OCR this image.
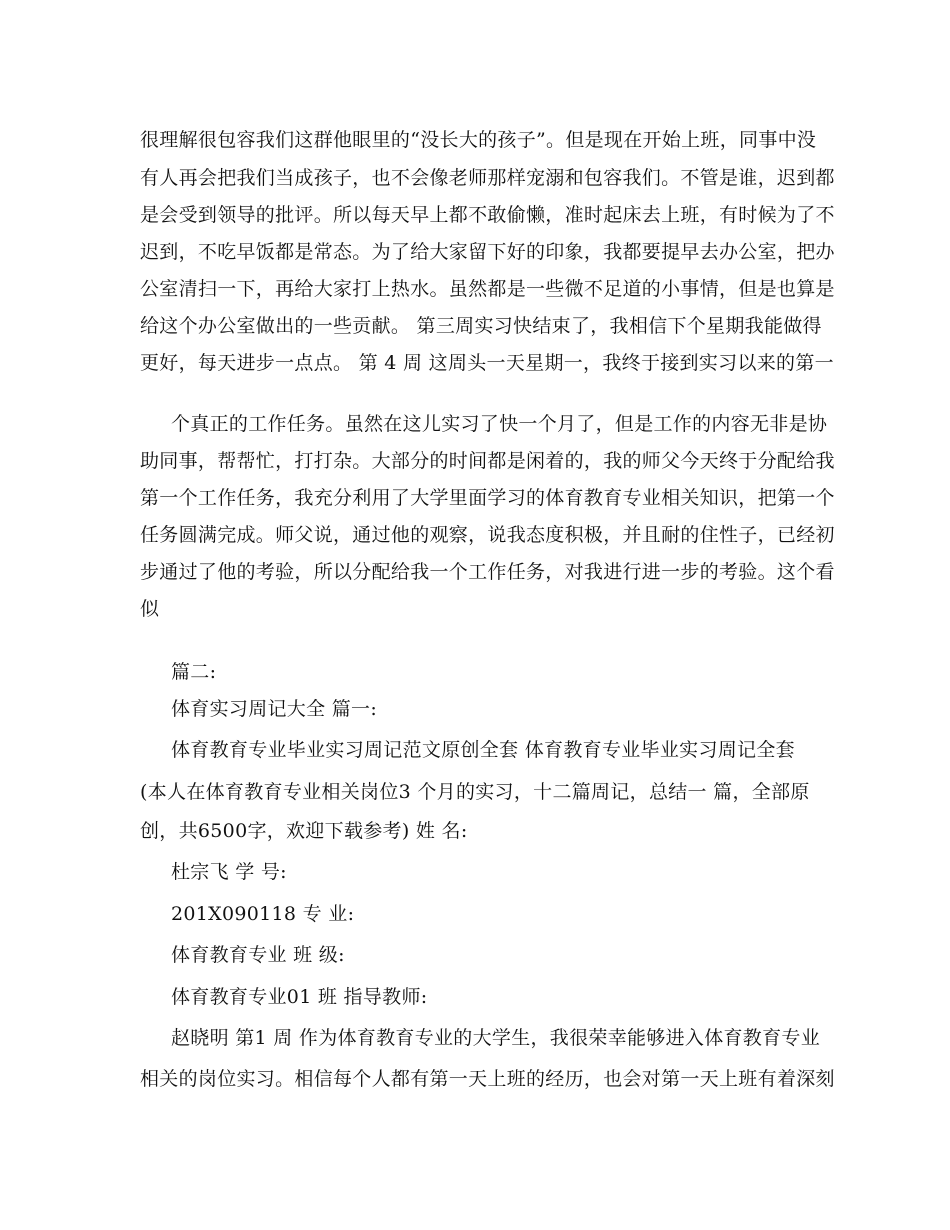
很理解很包容我们这群他眼里的“没长大的孩子”。但是现在开始上班，同事中没
有人再会把我们当成孩子，也不会像老师那样宠溺和包容我们。不管是谁，迟到都
是会受到领导的批评。所以每天早上都不敢偷懒，准时起床去上班，有时候为了不
迟到，不吃早饭都是常态。为了给大家留下好的印象，我都要提早去办公室，把办
公室清扫一下，再给大家打上热水。虽然都是一些微不足道的小事情，但是也算是
给这个办公室做出的一些贡献。 第三周实习快结束了，我相信下个星期我能做得
更好，每天进步一点点。 第 4 周 这周头一天星期一，我终于接到实习以来的第一
个真正的工作任务。虽然在这儿实习了快一个月了，但是工作的内容无非是协
助同事，帮帮忙，打打杂。大部分的时间都是闲着的，我的师父今天终于分配给我
第一个工作任务，我充分利用了大学里面学习的体育教育专业相关知识，把第一个
任务圆满完成。师父说，通过他的观察，说我态度积极，并且耐的住性子，已经初
步通过了他的考验，所以分配给我一个工作任务，对我进行进一步的考验。这个看
似
篇二:
体育实习周记大全 篇一:
体育教育专业毕业实习周记范文原创全套 体育教育专业毕业实习周记全套
(本人在体育教育专业相关岗位3 个月的实习，十二篇周记，总结一 篇，全部原
创，共6500字，欢迎下载参考) 姓 名:
杜宗飞 学 号:
201X090118 专 业:
体育教育专业 班 级:
体育教育专业01 班 指导教师:
赵晓明 第1 周 作为体育教育专业的大学生，我很荣幸能够进入体育教育专业
相关的岗位实习。相信每个人都有第一天上班的经历，也会对第一天上班有着深刻
